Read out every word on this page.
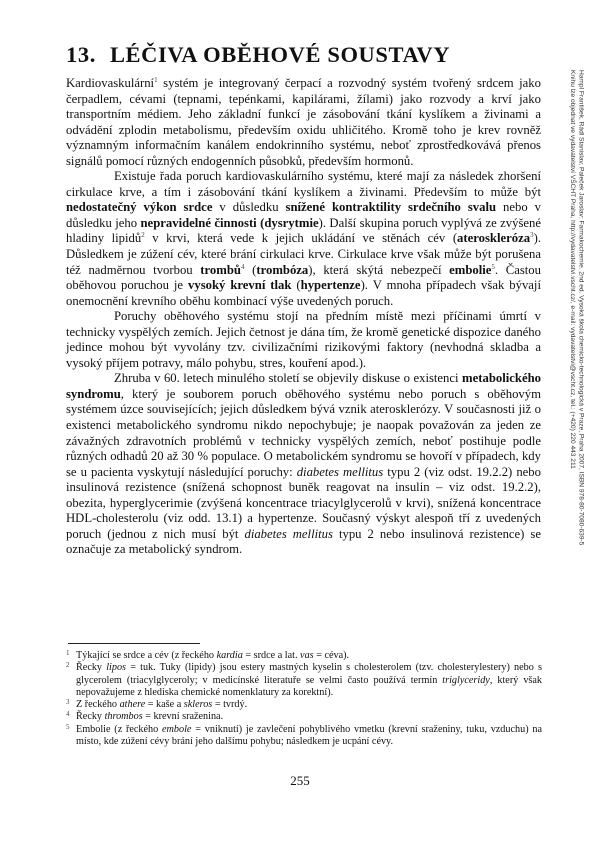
13. LÉČIVA OBĚHOVÉ SOUSTAVY

Kardiovaskulární$^1$ systém je integrovaný čerpací a rozvodný systém tvořený srdcem jako čerpadlem, cévami (tepnami, tepénkami, kapilárami, žílami) jako rozvody a krví jako transportním médiem. Jeho základní funkcí je zásobování tkání kyslíkem a živinami a odvádění zplodin metabolismu, především oxidu uhličitého. Kromě toho je krev rovněž významným informačním kanálem endokrinního systému, neboť zprostředkovává přenos signálů pomocí různých endogenních působků, především hormonů.

Existuje řada poruch kardiovaskulárního systému, které mají za následek zhoršení cirkulace krve, a tím i zásobování tkání kyslíkem a živinami. Především to může být nedostatečný výkon srdce v důsledku snížené kontraktility srdečního svalu nebo v důsledku jeho nepravidelné činnosti (dysrytmie). Další skupina poruch vyplývá ze zvýšené hladiny lipidů$^2$ v krvi, která vede k jejich ukládání ve stěnách cév (ateroskleróza$^3$). Důsledkem je zúžení cév, které brání cirkulaci krve. Cirkulace krve však může být porušena též nadměrnou tvorbou trombů$^4$ (trombóza), která skýtá nebezpečí embolie$^5$. Častou oběhovou poruchou je vysoký krevní tlak (hypertenze). V mnoha případech však bývají onemocnění krevního oběhu kombinací výše uvedených poruch.

Poruchy oběhového systému stojí na předním místě mezi příčinami úmrtí v technicky vyspělých zemích. Jejich četnost je dána tím, že kromě genetické dispozice daného jedince mohou být vyvolány tzv. civilizačními rizikovými faktory (nevhodná skladba a vysoký příjem potravy, málo pohybu, stres, kouření apod.).

Zhruba v 60. letech minulého století se objevily diskuse o existenci metabolického syndromu, který je souborem poruch oběhového systému nebo poruch s oběhovým systémem úzce souvisejících; jejich důsledkem bývá vznik aterosklerózy. V současnosti již o existenci metabolického syndromu nikdo nepochybuje; je naopak považován za jeden ze závažných zdravotních problémů v technicky vyspělých zemích, neboť postihuje podle různých odhadů 20 až 30 % populace. O metabolickém syndromu se hovoří v případech, kdy se u pacienta vyskytují následující poruchy: diabetes mellitus typu 2 (viz odst. 19.2.2) nebo insulinová rezistence (snížená schopnost buněk reagovat na insulin – viz odst. 19.2.2), obezita, hyperglycerimie (zvýšená koncentrace triacylglycerolů v krvi), snížená koncentrace HDL-cholesterolu (viz odd. 13.1) a hypertenze. Současný výskyt alespoň tří z uvedených poruch (jednou z nich musí být diabetes mellitus typu 2 nebo insulinová rezistence) se označuje za metabolický syndrom.

1 Týkající se srdce a cév (z řeckého kardia = srdce a lat. vas = céva).
2 Řecky lipos = tuk. Tuky (lipidy) jsou estery mastných kyselin s cholesterolem (tzv. cholesterylestery) nebo s glycerolem (triacylglyceroly; v medicínské literatuře se velmi často používá termín triglyceridy, který však nepovažujeme z hlediska chemické nomenklatury za korektní).
3 Z řeckého athere = kaše a skleros = tvrdý.
4 Řecky thrombos = krevní sraženina.
5 Embolie (z řeckého embole = vniknutí) je zavlečení pohyblivého vmetku (krevní sraženiny, tuku, vzduchu) na místo, kde zúžení cévy brání jeho dalšímu pohybu; následkem je ucpání cévy.
255
Hampl František, Rádl Stanislav, Paleček Jaroslav: Farmakochemie. 2nd ed. Vysoká škola chemicko-technologická v Praze, Praha 2007, ISBN 978-80-7080-639-5
Knihu lze objednat ve vydavatelství VŠCHT Praha, http://vydavatelstvi.vscht.cz/, e-mail: vydavatelstvi@vscht.cz, tel.: (+420) 220 443 211
